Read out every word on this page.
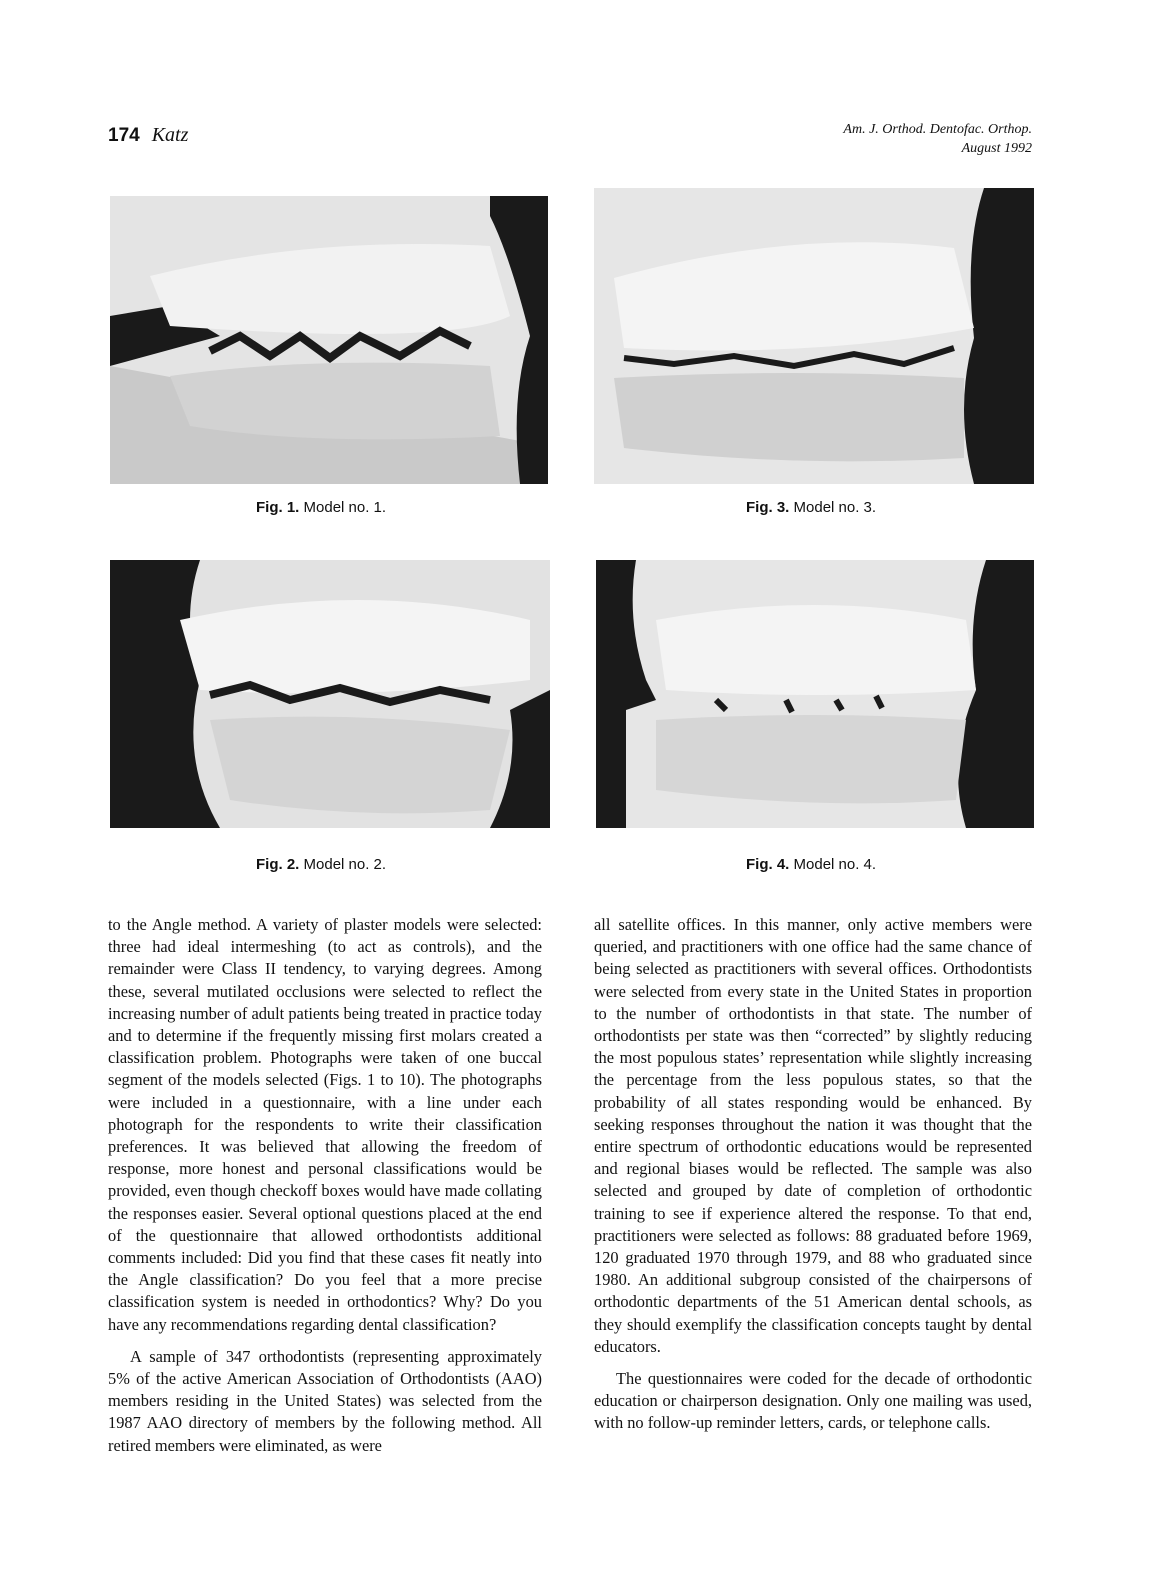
174 Katz	Am. J. Orthod. Dentofac. Orthop.
August 1992
Fig. 1. Model no. 1.	Fig. 3. Model no. 3.
Fig. 2. Model no. 2.	Fig. 4. Model no. 4.

to the Angle method. A variety of plaster models were selected: three had ideal intermeshing (to act as controls), and the remainder were Class II tendency, to varying degrees. Among these, several mutilated occlusions were selected to reflect the increasing number of adult patients being treated in practice today and to determine if the frequently missing first molars created a classification problem. Photographs were taken of one buccal segment of the models selected (Figs. 1 to 10). The photographs were included in a questionnaire, with a line under each photograph for the respondents to write their classification preferences. It was believed that allowing the freedom of response, more honest and personal classifications would be provided, even though checkoff boxes would have made collating the responses easier. Several optional questions placed at the end of the questionnaire that allowed orthodontists additional comments included: Did you find that these cases fit neatly into the Angle classification? Do you feel that a more precise classification system is needed in orthodontics? Why? Do you have any recommendations regarding dental classification?

A sample of 347 orthodontists (representing approximately 5% of the active American Association of Orthodontists (AAO) members residing in the United States) was selected from the 1987 AAO directory of members by the following method. All retired members were eliminated, as were

all satellite offices. In this manner, only active members were queried, and practitioners with one office had the same chance of being selected as practitioners with several offices. Orthodontists were selected from every state in the United States in proportion to the number of orthodontists in that state. The number of orthodontists per state was then “corrected” by slightly reducing the most populous states’ representation while slightly increasing the percentage from the less populous states, so that the probability of all states responding would be enhanced. By seeking responses throughout the nation it was thought that the entire spectrum of orthodontic educations would be represented and regional biases would be reflected. The sample was also selected and grouped by date of completion of orthodontic training to see if experience altered the response. To that end, practitioners were selected as follows: 88 graduated before 1969, 120 graduated 1970 through 1979, and 88 who graduated since 1980. An additional subgroup consisted of the chairpersons of orthodontic departments of the 51 American dental schools, as they should exemplify the classification concepts taught by dental educators.

The questionnaires were coded for the decade of orthodontic education or chairperson designation. Only one mailing was used, with no follow-up reminder letters, cards, or telephone calls.
